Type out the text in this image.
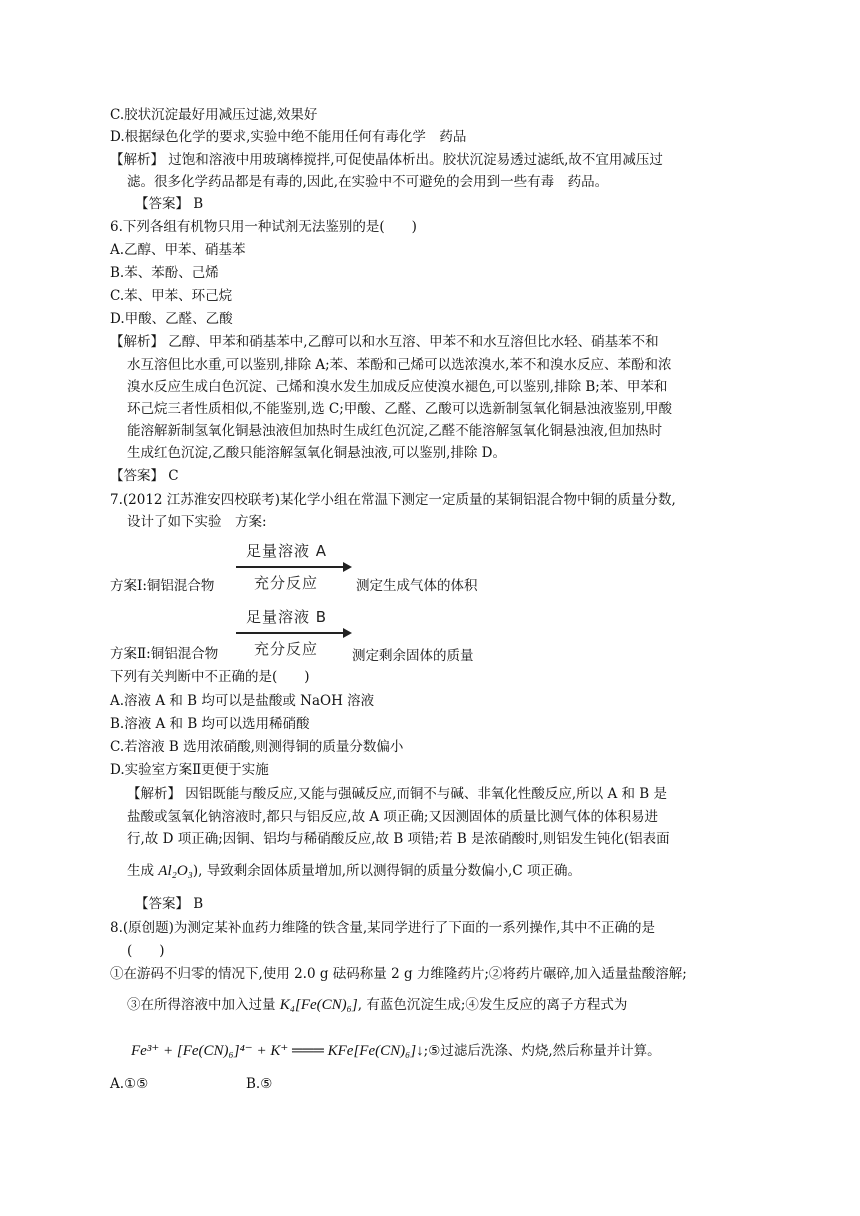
C.胶状沉淀最好用减压过滤,效果好
D.根据绿色化学的要求,实验中绝不能用任何有毒化学　药品
【解析】 过饱和溶液中用玻璃棒搅拌,可促使晶体析出。胶状沉淀易透过滤纸,故不宜用减压过
滤。很多化学药品都是有毒的,因此,在实验中不可避免的会用到一些有毒　药品。
【答案】 B
6.下列各组有机物只用一种试剂无法鉴别的是(　　)
A.乙醇、甲苯、硝基苯
B.苯、苯酚、己烯
C.苯、甲苯、环己烷
D.甲酸、乙醛、乙酸
【解析】 乙醇、甲苯和硝基苯中,乙醇可以和水互溶、甲苯不和水互溶但比水轻、硝基苯不和
水互溶但比水重,可以鉴别,排除 A;苯、苯酚和己烯可以选浓溴水,苯不和溴水反应、苯酚和浓
溴水反应生成白色沉淀、己烯和溴水发生加成反应使溴水褪色,可以鉴别,排除 B;苯、甲苯和
环己烷三者性质相似,不能鉴别,选 C;甲酸、乙醛、乙酸可以选新制氢氧化铜悬浊液鉴别,甲酸
能溶解新制氢氧化铜悬浊液但加热时生成红色沉淀,乙醛不能溶解氢氧化铜悬浊液,但加热时
生成红色沉淀,乙酸只能溶解氢氧化铜悬浊液,可以鉴别,排除 D。
【答案】 C
7.(2012 江苏淮安四校联考)某化学小组在常温下测定一定质量的某铜铝混合物中铜的质量分数,
设计了如下实验　方案:
方案Ⅰ:铜铝混合物
足量溶液 A
充分反应	测定生成气体的体积
方案Ⅱ:铜铝混合物
足量溶液 B
充分反应	测定剩余固体的质量
下列有关判断中不正确的是(　　)
A.溶液 A 和 B 均可以是盐酸或 NaOH 溶液
B.溶液 A 和 B 均可以选用稀硝酸
C.若溶液 B 选用浓硝酸,则测得铜的质量分数偏小
D.实验室方案Ⅱ更便于实施
【解析】 因铝既能与酸反应,又能与强碱反应,而铜不与碱、非氧化性酸反应,所以 A 和 B 是
盐酸或氢氧化钠溶液时,都只与铝反应,故 A 项正确;又因测固体的质量比测气体的体积易进
行,故 D 项正确;因铜、铝均与稀硝酸反应,故 B 项错;若 B 是浓硝酸时,则铝发生钝化(铝表面
生成 Al₂O₃), 导致剩余固体质量增加,所以测得铜的质量分数偏小,C 项正确。
【答案】 B
8.(原创题)为测定某补血药力维隆的铁含量,某同学进行了下面的一系列操作,其中不正确的是
(　　)
①在游码不归零的情况下,使用 2.0 g 砝码称量 2 g 力维隆药片;②将药片碾碎,加入适量盐酸溶解;
③在所得溶液中加入过量 K₄[Fe(CN)₆], 有蓝色沉淀生成;④发生反应的离子方程式为
Fe³⁺ + [Fe(CN)₆]⁴⁻ + K⁺ ═══ KFe[Fe(CN)₆]↓;⑤过滤后洗涤、灼烧,然后称量并计算。
A.①⑤	B.⑤
